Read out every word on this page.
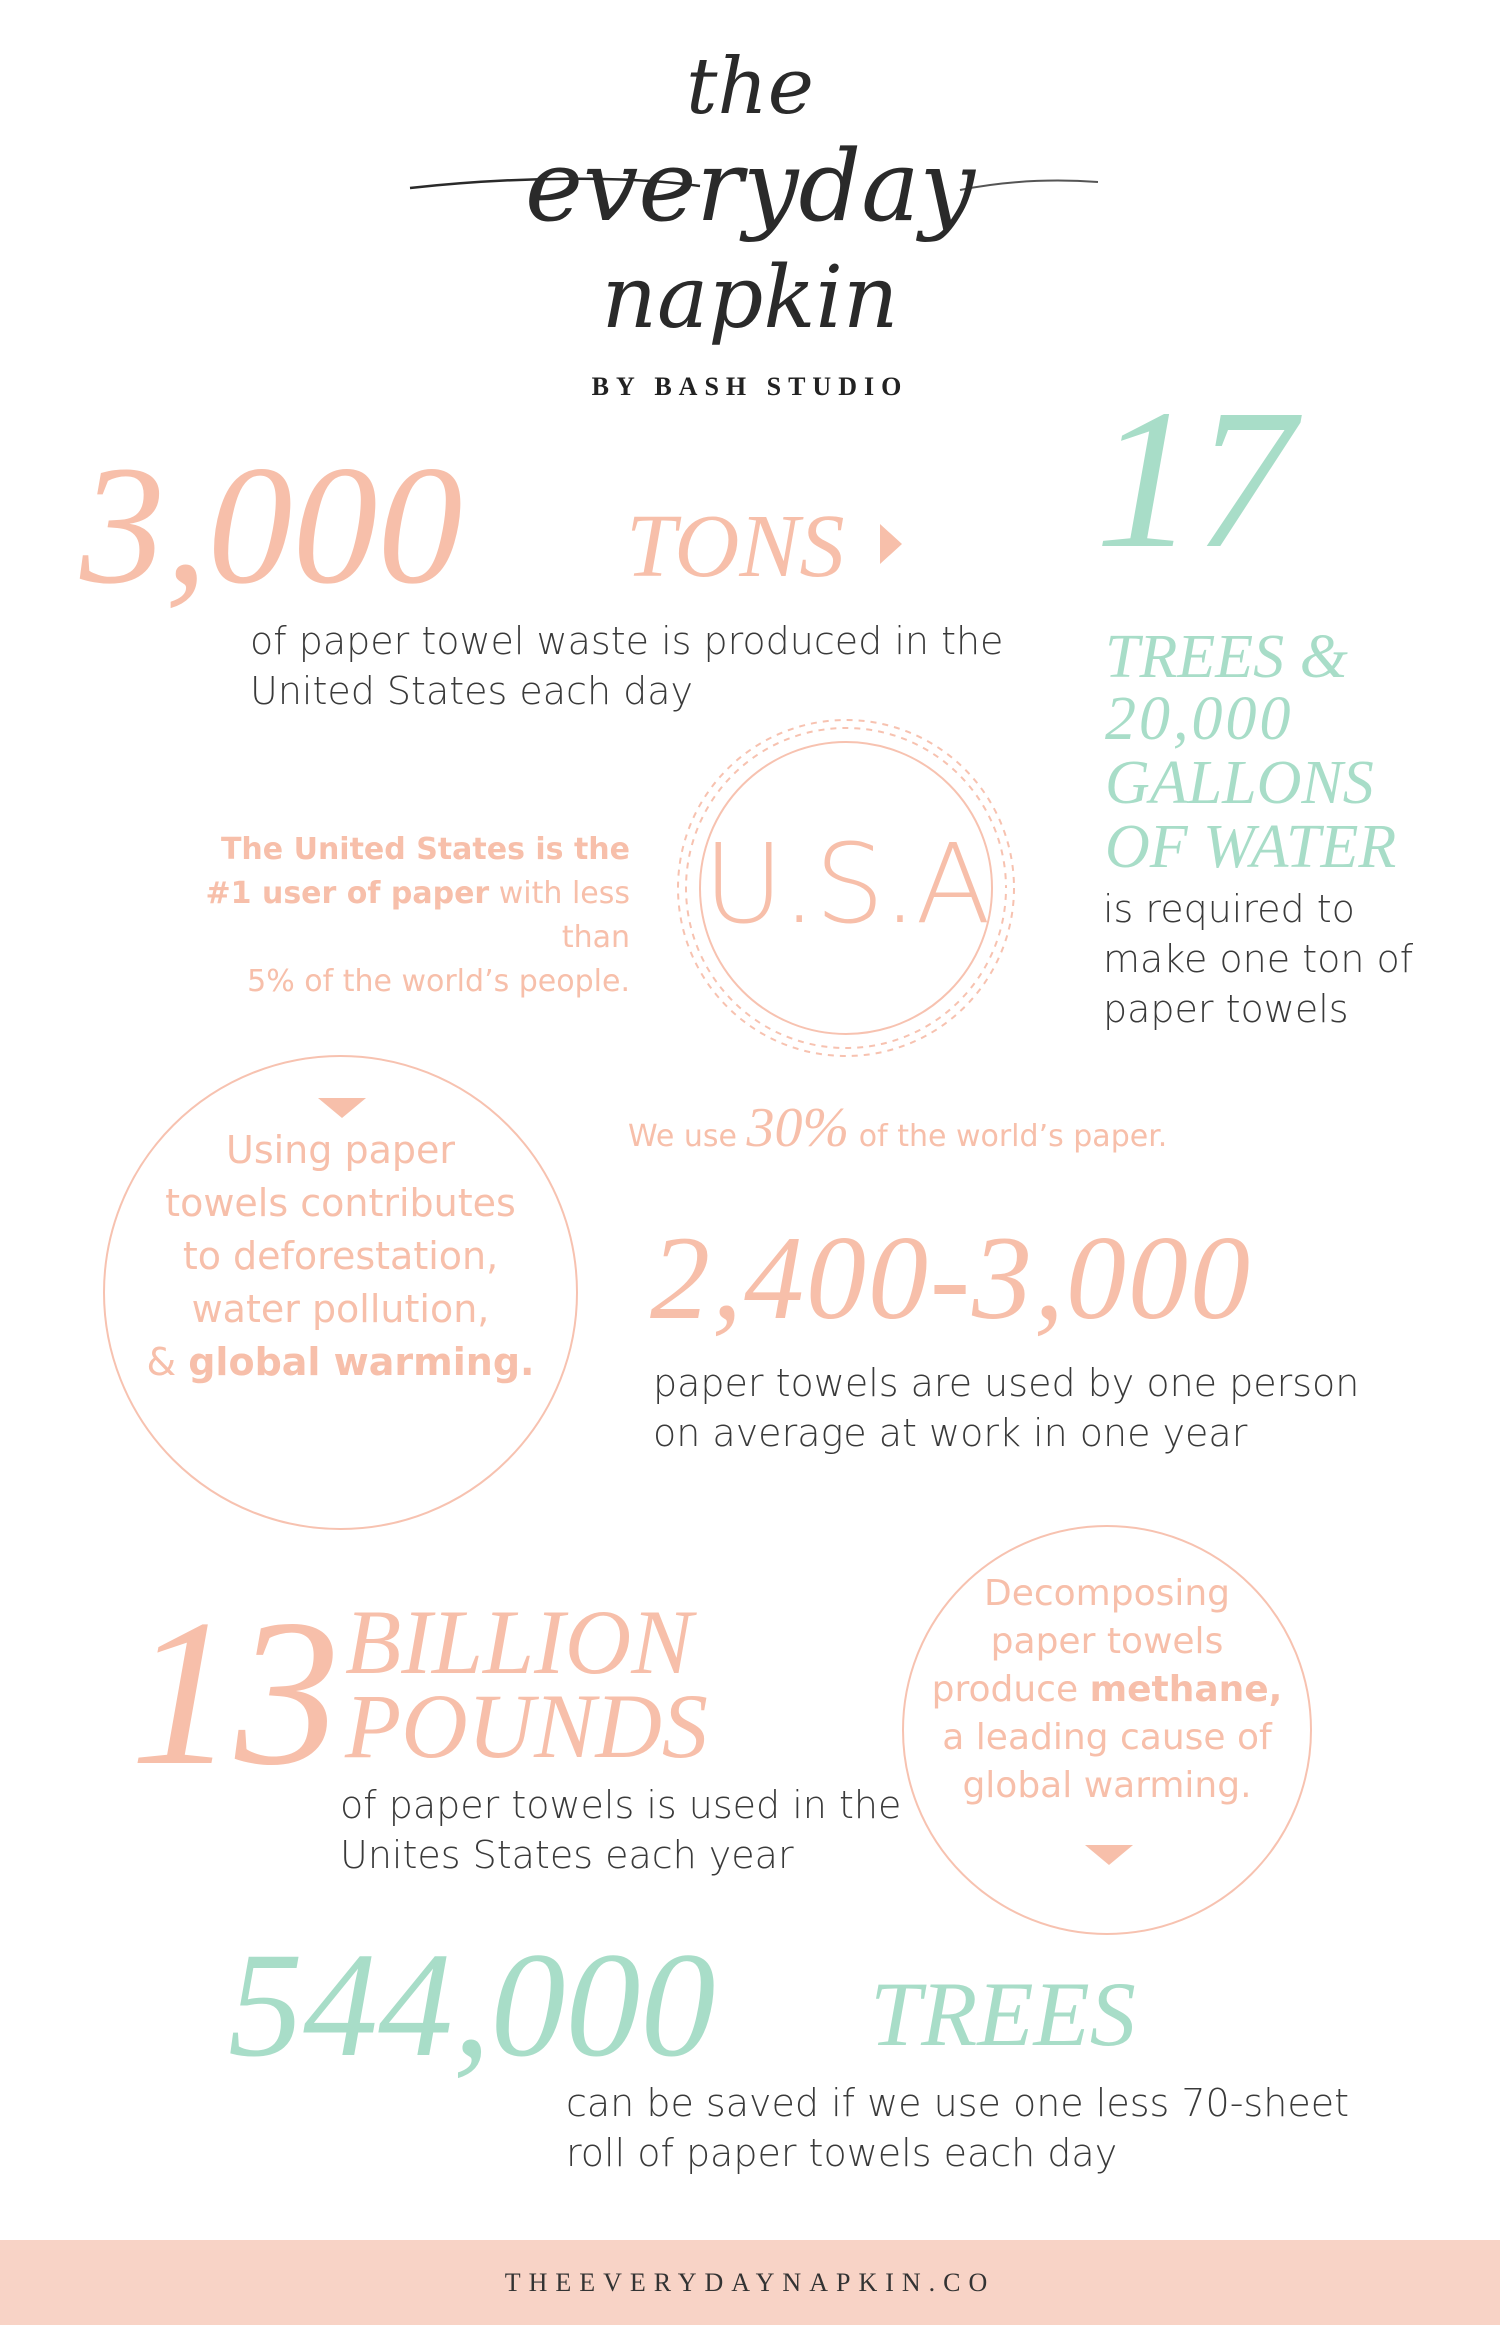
the
everyday
napkin
BY BASH STUDIO
3,000 TONS
of paper towel waste is produced in the
United States each day
17
TREES &
20,000
GALLONS
OF WATER
is required to
make one ton of
paper towels
The United States is the
#1 user of paper with less than
5% of the world’s people.
U.S.A
Using paper
towels contributes
to deforestation,
water pollution,
& global warming.
We use 30% of the world’s paper.
2,400-3,000
paper towels are used by one person
on average at work in one year
13 BILLION
POUNDS
of paper towels is used in the
Unites States each year
Decomposing
paper towels
produce methane,
a leading cause of
global warming.
544,000 TREES
can be saved if we use one less 70-sheet
roll of paper towels each day
THEEVERYDAYNAPKIN.CO
